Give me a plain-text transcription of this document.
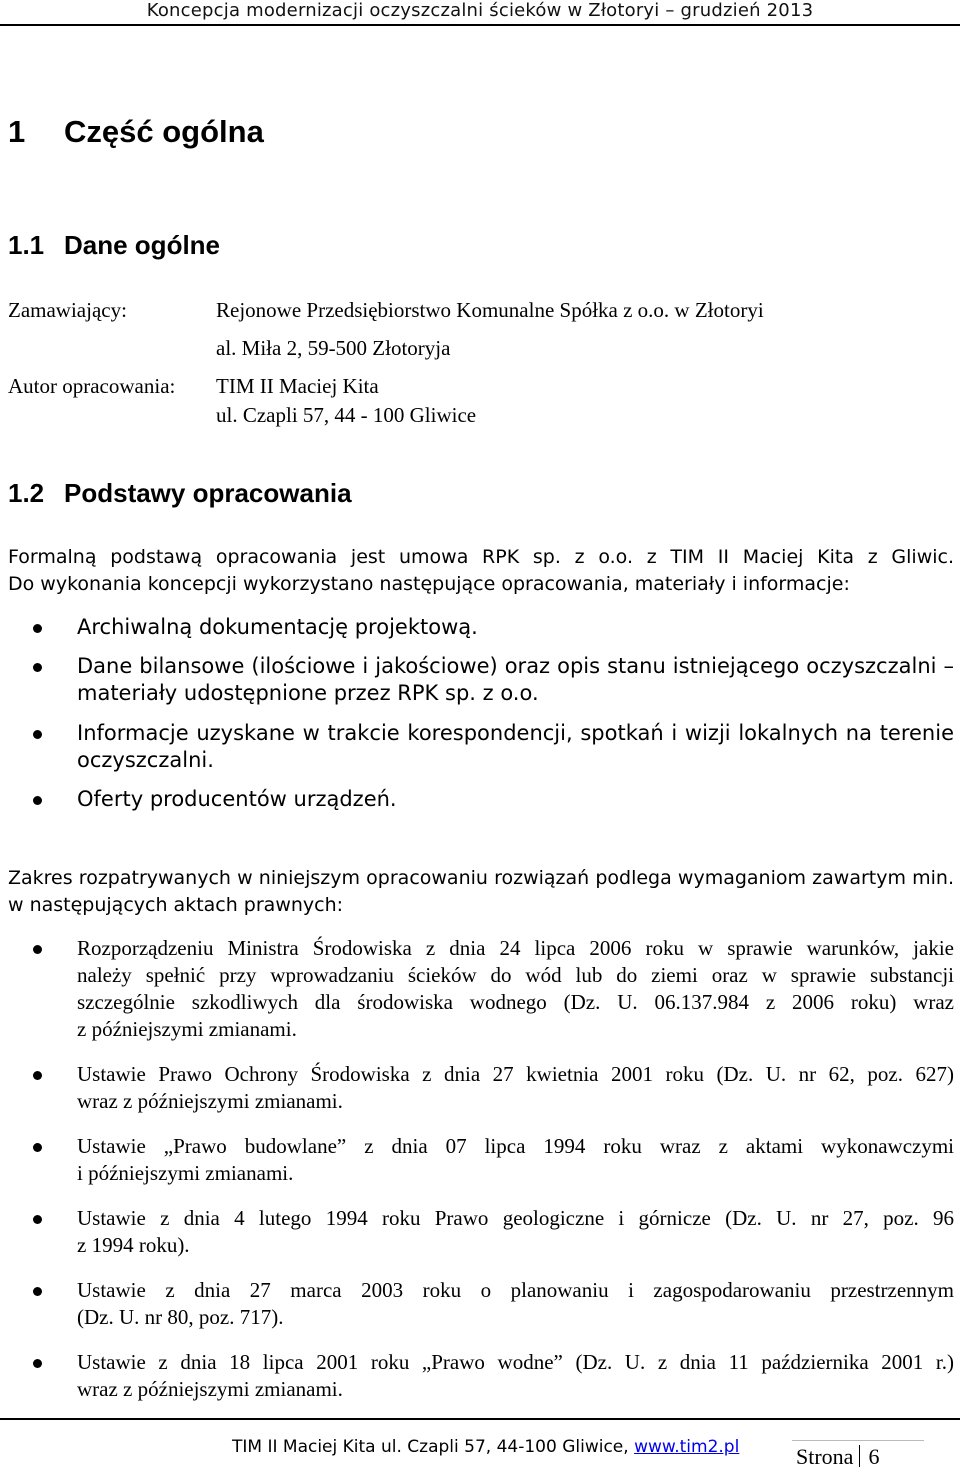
Koncepcja modernizacji oczyszczalni ścieków w Złotoryi – grudzień 2013
1 Część ogólna
1.1 Dane ogólne
Zamawiający:	Rejonowe Przedsiębiorstwo Komunalne Spółka z o.o. w Złotoryi
al. Miła 2, 59-500 Złotoryja
Autor opracowania: TIM II Maciej Kita
ul. Czapli 57, 44 - 100 Gliwice
1.2 Podstawy opracowania
Formalną podstawą opracowania jest umowa RPK sp. z o.o. z TIM II Maciej Kita z Gliwic.
Do wykonania koncepcji wykorzystano następujące opracowania, materiały i informacje:
Archiwalną dokumentację projektową.
Dane bilansowe (ilościowe i jakościowe) oraz opis stanu istniejącego oczyszczalni –
materiały udostępnione przez RPK sp. z o.o.
Informacje uzyskane w trakcie korespondencji, spotkań i wizji lokalnych na terenie
oczyszczalni.
Oferty producentów urządzeń.
Zakres rozpatrywanych w niniejszym opracowaniu rozwiązań podlega wymaganiom zawartym min.
w następujących aktach prawnych:
Rozporządzeniu Ministra Środowiska z dnia 24 lipca 2006 roku w sprawie warunków, jakie
należy spełnić przy wprowadzaniu ścieków do wód lub do ziemi oraz w sprawie substancji
szczególnie szkodliwych dla środowiska wodnego (Dz. U. 06.137.984 z 2006 roku) wraz
z późniejszymi zmianami.
Ustawie Prawo Ochrony Środowiska z dnia 27 kwietnia 2001 roku (Dz. U. nr 62, poz. 627)
wraz z późniejszymi zmianami.
Ustawie „Prawo budowlane” z dnia 07 lipca 1994 roku wraz z aktami wykonawczymi
i późniejszymi zmianami.
Ustawie z dnia 4 lutego 1994 roku Prawo geologiczne i górnicze (Dz. U. nr 27, poz. 96
z 1994 roku).
Ustawie z dnia 27 marca 2003 roku o planowaniu i zagospodarowaniu przestrzennym
(Dz. U. nr 80, poz. 717).
Ustawie z dnia 18 lipca 2001 roku „Prawo wodne” (Dz. U. z dnia 11 października 2001 r.)
wraz z późniejszymi zmianami.
TIM II Maciej Kita ul. Czapli 57, 44-100 Gliwice, www.tim2.pl	Strona 6
